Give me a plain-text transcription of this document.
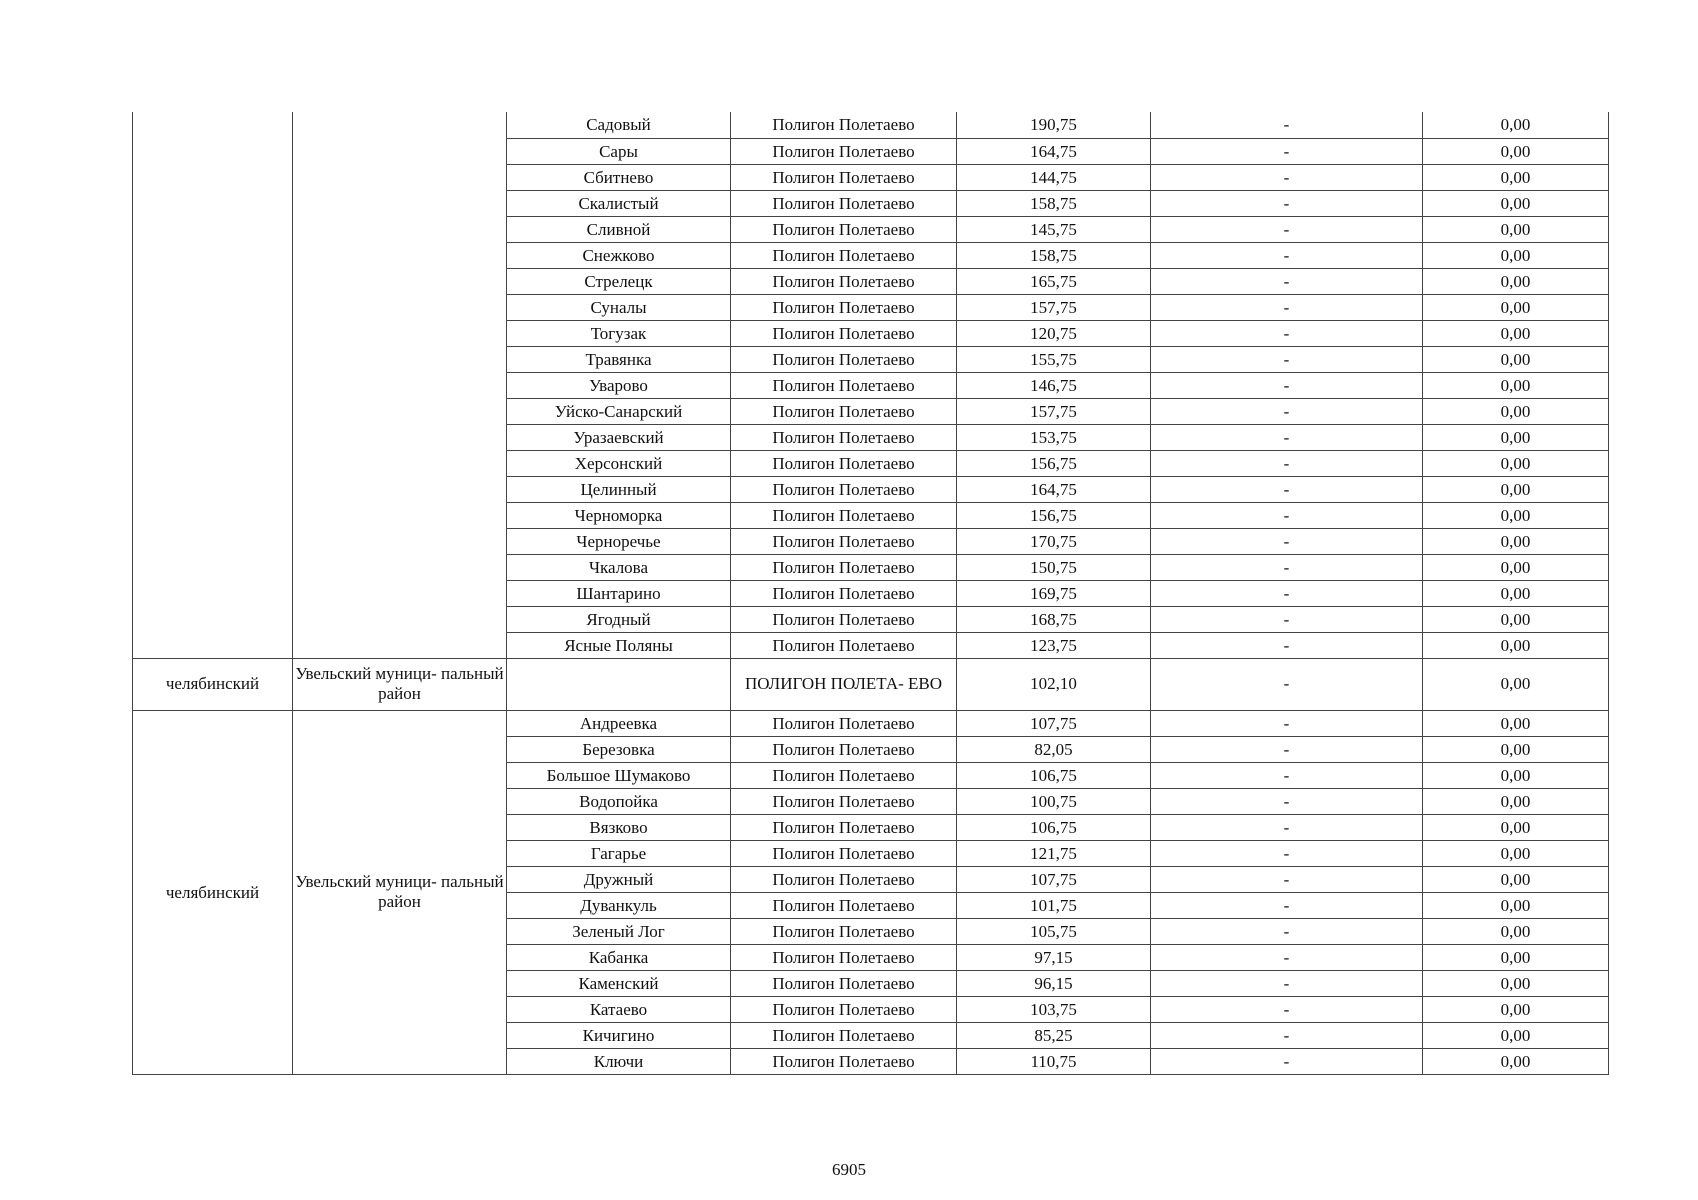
		Садовый	Полигон Полетаево	190,75	-	0,00
		Сары	Полигон Полетаево	164,75	-	0,00
		Сбитнево	Полигон Полетаево	144,75	-	0,00
		Скалистый	Полигон Полетаево	158,75	-	0,00
		Сливной	Полигон Полетаево	145,75	-	0,00
		Снежково	Полигон Полетаево	158,75	-	0,00
		Стрелецк	Полигон Полетаево	165,75	-	0,00
		Суналы	Полигон Полетаево	157,75	-	0,00
		Тогузак	Полигон Полетаево	120,75	-	0,00
		Травянка	Полигон Полетаево	155,75	-	0,00
		Уварово	Полигон Полетаево	146,75	-	0,00
		Уйско-Санарский	Полигон Полетаево	157,75	-	0,00
		Уразаевский	Полигон Полетаево	153,75	-	0,00
		Херсонский	Полигон Полетаево	156,75	-	0,00
		Целинный	Полигон Полетаево	164,75	-	0,00
		Черноморка	Полигон Полетаево	156,75	-	0,00
		Черноречье	Полигон Полетаево	170,75	-	0,00
		Чкалова	Полигон Полетаево	150,75	-	0,00
		Шантарино	Полигон Полетаево	169,75	-	0,00
		Ягодный	Полигон Полетаево	168,75	-	0,00
		Ясные Поляны	Полигон Полетаево	123,75	-	0,00
челябинский	Увельский муници- пальный район		ПОЛИГОН ПОЛЕТА- ЕВО	102,10	-	0,00
челябинский	Увельский муници- пальный район	Андреевка	Полигон Полетаево	107,75	-	0,00
		Березовка	Полигон Полетаево	82,05	-	0,00
		Большое Шумаково	Полигон Полетаево	106,75	-	0,00
		Водопойка	Полигон Полетаево	100,75	-	0,00
		Вязково	Полигон Полетаево	106,75	-	0,00
		Гагарье	Полигон Полетаево	121,75	-	0,00
		Дружный	Полигон Полетаево	107,75	-	0,00
		Дуванкуль	Полигон Полетаево	101,75	-	0,00
		Зеленый Лог	Полигон Полетаево	105,75	-	0,00
		Кабанка	Полигон Полетаево	97,15	-	0,00
		Каменский	Полигон Полетаево	96,15	-	0,00
		Катаево	Полигон Полетаево	103,75	-	0,00
		Кичигино	Полигон Полетаево	85,25	-	0,00
		Ключи	Полигон Полетаево	110,75	-	0,00
6905
